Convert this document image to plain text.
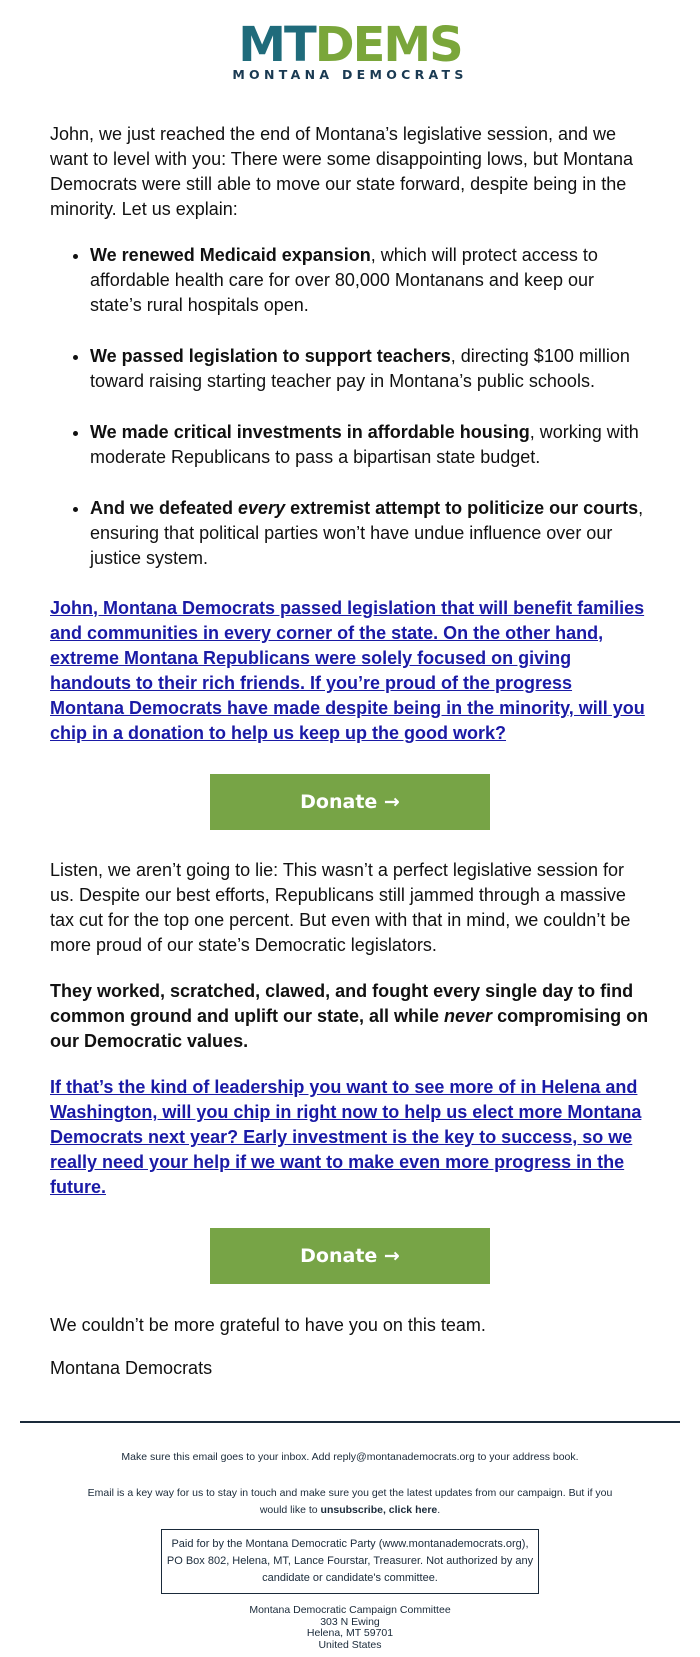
MTDEMS
MONTANA DEMOCRATS

John, we just reached the end of Montana’s legislative session, and we want to level with you: There were some disappointing lows, but Montana Democrats were still able to move our state forward, despite being in the minority. Let us explain:

• We renewed Medicaid expansion, which will protect access to affordable health care for over 80,000 Montanans and keep our state’s rural hospitals open.
• We passed legislation to support teachers, directing $100 million toward raising starting teacher pay in Montana’s public schools.
• We made critical investments in affordable housing, working with moderate Republicans to pass a bipartisan state budget.
• And we defeated every extremist attempt to politicize our courts, ensuring that political parties won’t have undue influence over our justice system.

John, Montana Democrats passed legislation that will benefit families and communities in every corner of the state. On the other hand, extreme Montana Republicans were solely focused on giving handouts to their rich friends. If you’re proud of the progress Montana Democrats have made despite being in the minority, will you chip in a donation to help us keep up the good work?

Donate →

Listen, we aren’t going to lie: This wasn’t a perfect legislative session for us. Despite our best efforts, Republicans still jammed through a massive tax cut for the top one percent. But even with that in mind, we couldn’t be more proud of our state’s Democratic legislators.

They worked, scratched, clawed, and fought every single day to find common ground and uplift our state, all while never compromising on our Democratic values.

If that’s the kind of leadership you want to see more of in Helena and Washington, will you chip in right now to help us elect more Montana Democrats next year? Early investment is the key to success, so we really need your help if we want to make even more progress in the future.

Donate →

We couldn’t be more grateful to have you on this team.

Montana Democrats

Make sure this email goes to your inbox. Add reply@montanademocrats.org to your address book.
Email is a key way for us to stay in touch and make sure you get the latest updates from our campaign. But if you would like to unsubscribe, click here.
Paid for by the Montana Democratic Party (www.montanademocrats.org), PO Box 802, Helena, MT, Lance Fourstar, Treasurer. Not authorized by any candidate or candidate's committee.
Montana Democratic Campaign Committee
303 N Ewing
Helena, MT 59701
United States
